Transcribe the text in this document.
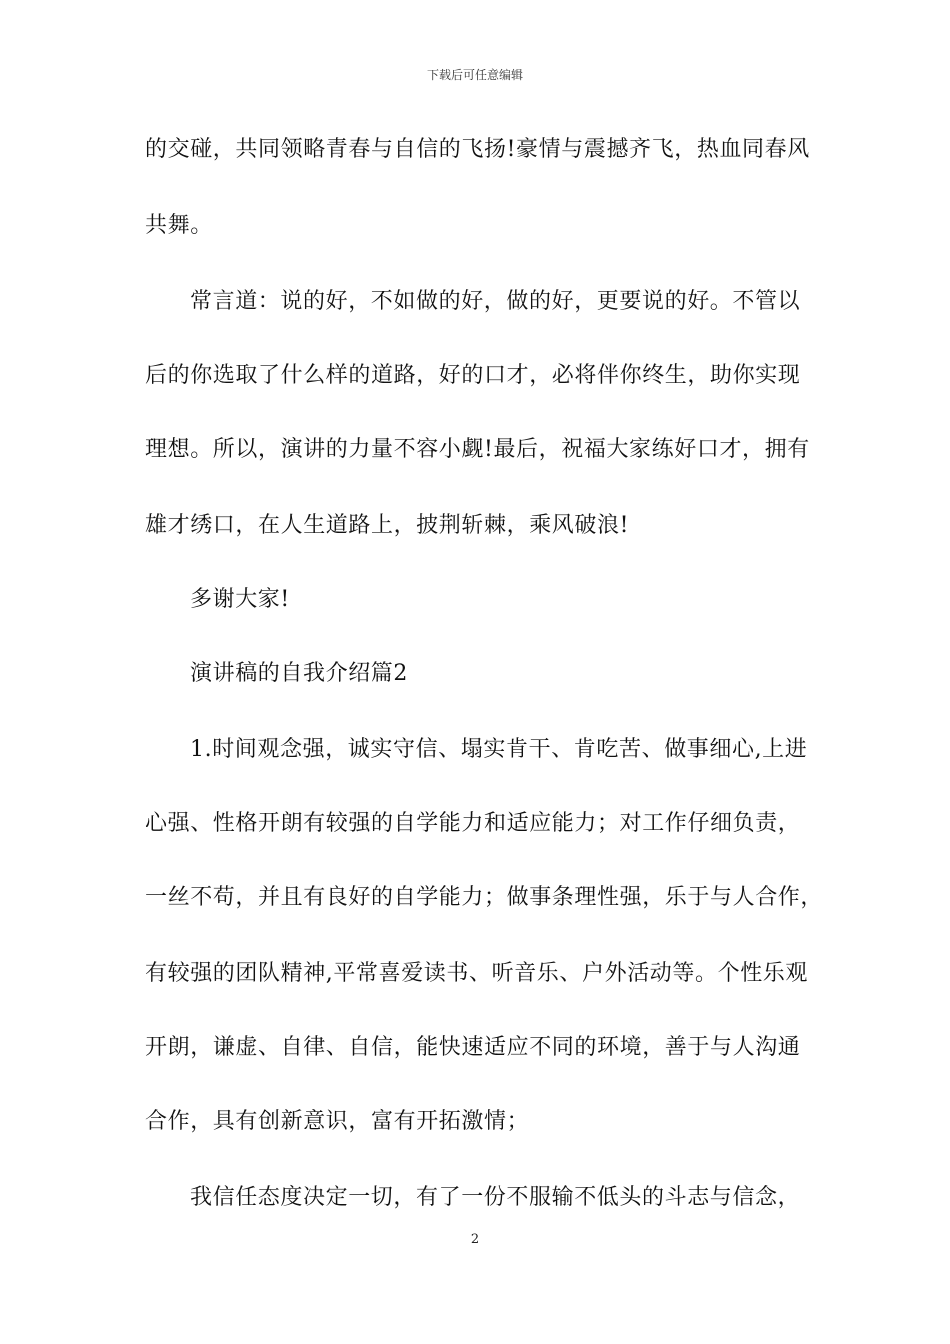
下载后可任意编辑
的交碰，共同领略青春与自信的飞扬!豪情与震撼齐飞，热血同春风
共舞。
常言道：说的好，不如做的好，做的好，更要说的好。不管以
后的你选取了什么样的道路，好的口才，必将伴你终生，助你实现
理想。所以，演讲的力量不容小觑!最后，祝福大家练好口才，拥有
雄才绣口，在人生道路上，披荆斩棘，乘风破浪!
多谢大家!
演讲稿的自我介绍篇2
1.时间观念强，诚实守信、塌实肯干、肯吃苦、做事细心,上进
心强、性格开朗有较强的自学能力和适应能力；对工作仔细负责，
一丝不苟，并且有良好的自学能力；做事条理性强，乐于与人合作，
有较强的团队精神,平常喜爱读书、听音乐、户外活动等。个性乐观
开朗，谦虚、自律、自信，能快速适应不同的环境，善于与人沟通
合作，具有创新意识，富有开拓激情；
我信任态度决定一切，有了一份不服输不低头的斗志与信念，
2
